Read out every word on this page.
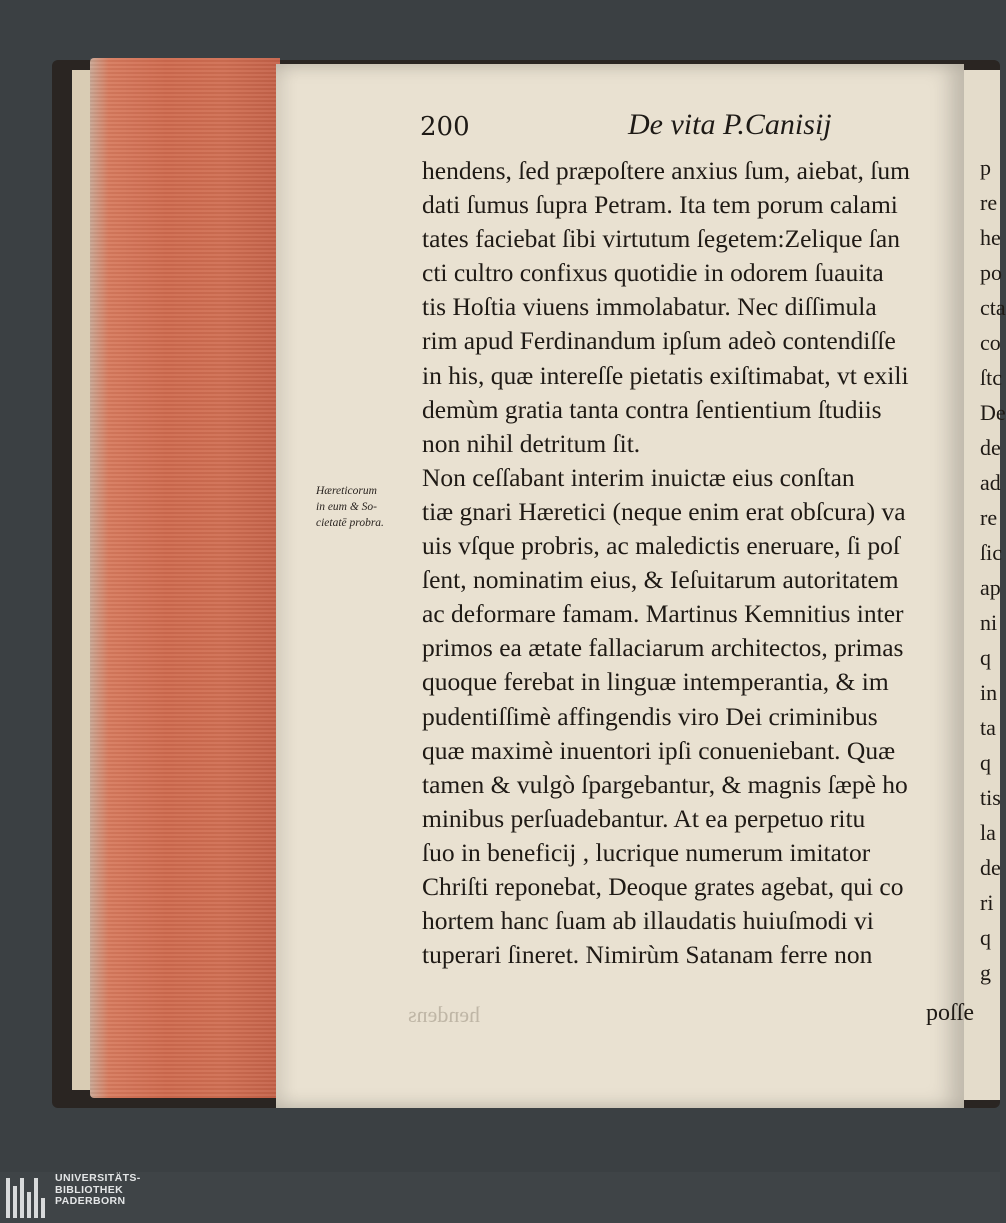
200	De vita P.Canisij
Hæreticorum
in eum & So-
cietatē probra.
hendens, ſed præpoſtere anxius ſum, aiebat, ſum
dati ſumus ſupra Petram. Ita tem porum calami
tates faciebat ſibi virtutum ſegetem:Zelique ſan
cti cultro confixus quotidie in odorem ſuauita
tis Hoſtia viuens immolabatur. Nec diſſimula
rim apud Ferdinandum ipſum adeò contendiſſe
in his, quæ intereſſe pietatis exiſtimabat, vt exili
demùm gratia tanta contra ſentientium ſtudiis
non nihil detritum ſit.
Non ceſſabant interim inuictæ eius conſtan
tiæ gnari Hæretici (neque enim erat obſcura) va
uis vſque probris, ac maledictis eneruare, ſi poſ
ſent, nominatim eius, & Ieſuitarum autoritatem
ac deformare famam. Martinus Kemnitius inter
primos ea ætate fallaciarum architectos, primas
quoque ferebat in linguæ intemperantia, & im
pudentiſſimè affingendis viro Dei criminibus
quæ maximè inuentori ipſi conueniebant. Quæ
tamen & vulgò ſpargebantur, & magnis ſæpè ho
minibus perſuadebantur. At ea perpetuo ritu
ſuo in beneficij , lucrique numerum imitator
Chriſti reponebat, Deoque grates agebat, qui co
hortem hanc ſuam ab illaudatis huiuſmodi vi
tuperari ſineret. Nimirùm Satanam ferre non
hendens	poſſe
p
re
he
po
cta
co
ſtc
De
de
ad
re
ſic
ap
ni
q
in
ta
q
tis
la
de
ri
q
g
UNIVERSITÄTS-
BIBLIOTHEK
PADERBORN
